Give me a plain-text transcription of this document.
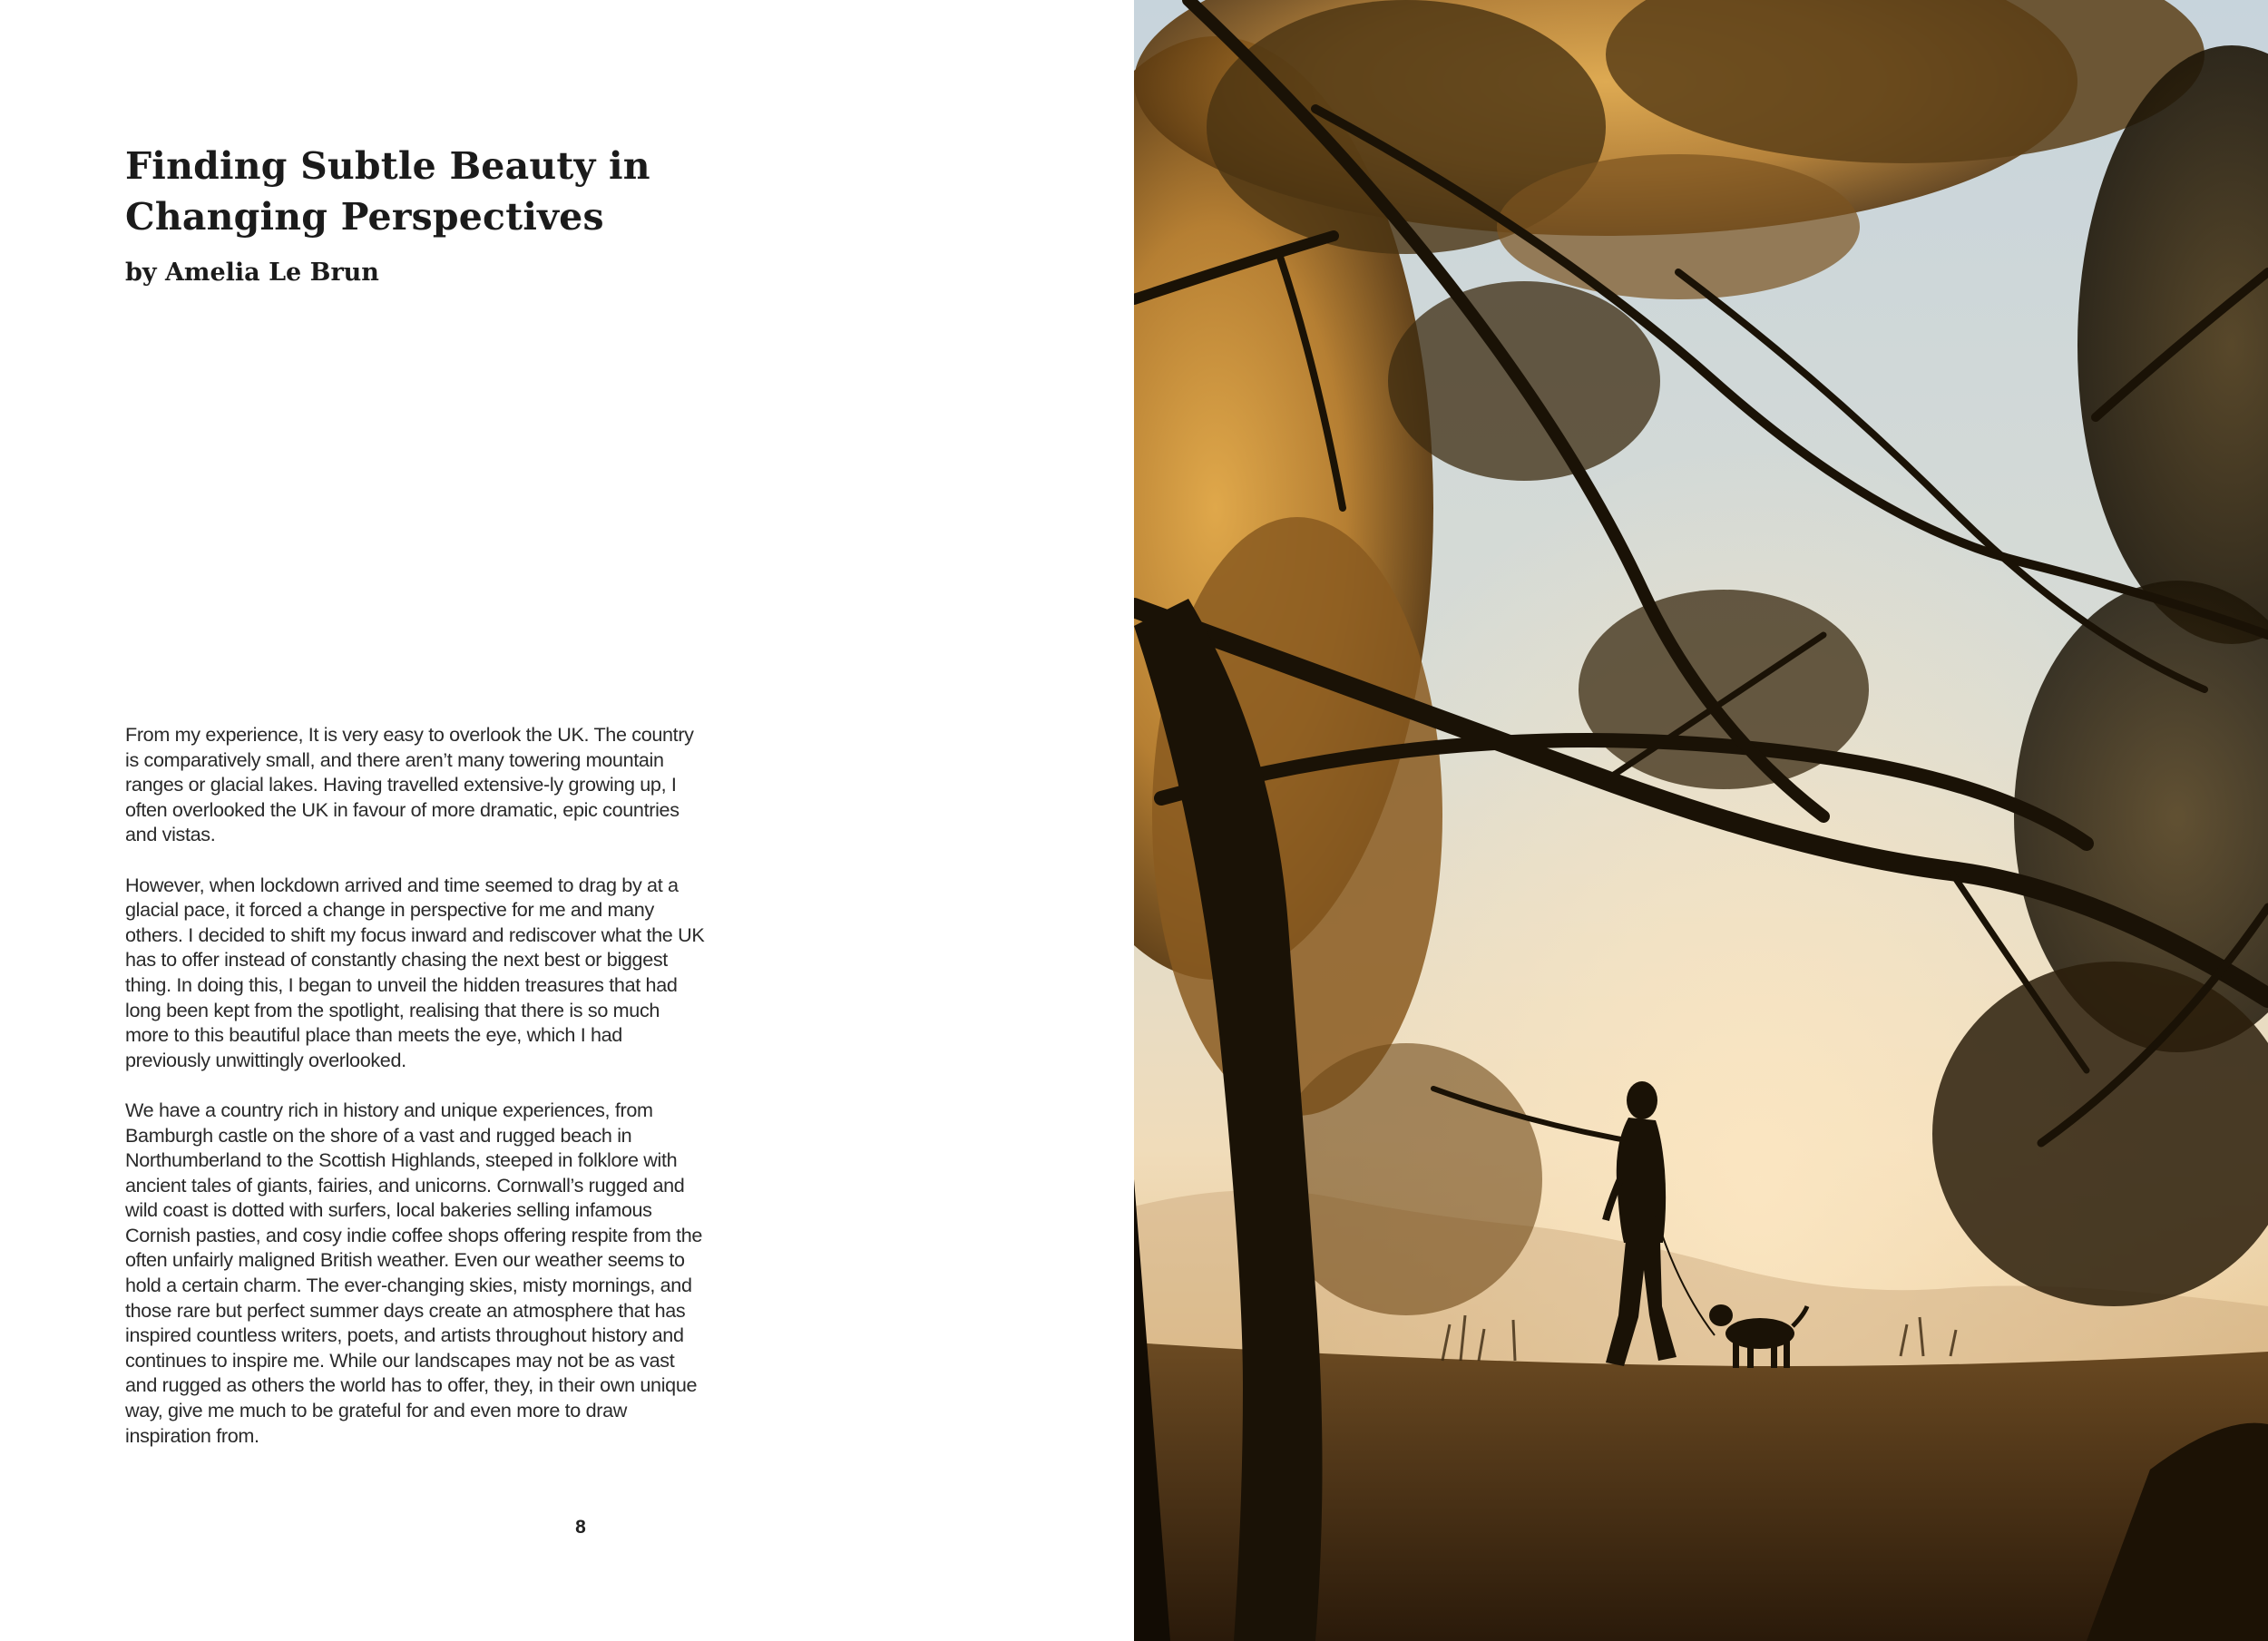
Finding Subtle Beauty in Changing Perspectives
by Amelia Le Brun

From my experience, It is very easy to overlook the UK. The country is comparatively small, and there aren’t many towering mountain ranges or glacial lakes. Having travelled extensive-ly growing up, I often overlooked the UK in favour of more dramatic, epic countries and vistas.

However, when lockdown arrived and time seemed to drag by at a glacial pace, it forced a change in perspective for me and many others. I decided to shift my focus inward and rediscover what the UK has to offer instead of constantly chasing the next best or biggest thing. In doing this, I began to unveil the hidden treasures that had long been kept from the spotlight, realising that there is so much more to this beautiful place than meets the eye, which I had previously unwittingly overlooked.

We have a country rich in history and unique experiences, from Bamburgh castle on the shore of a vast and rugged beach in Northumberland to the Scottish Highlands, steeped in folklore with ancient tales of giants, fairies, and unicorns. Cornwall’s rugged and wild coast is dotted with surfers, local bakeries selling infamous Cornish pasties, and cosy indie coffee shops offering respite from the often unfairly maligned British weather. Even our weather seems to hold a certain charm. The ever-changing skies, misty mornings, and those rare but perfect summer days create an atmosphere that has inspired countless writers, poets, and artists throughout history and continues to inspire me. While our landscapes may not be as vast and rugged as others the world has to offer, they, in their own unique way, give me much to be grateful for and even more to draw inspiration from.

8
